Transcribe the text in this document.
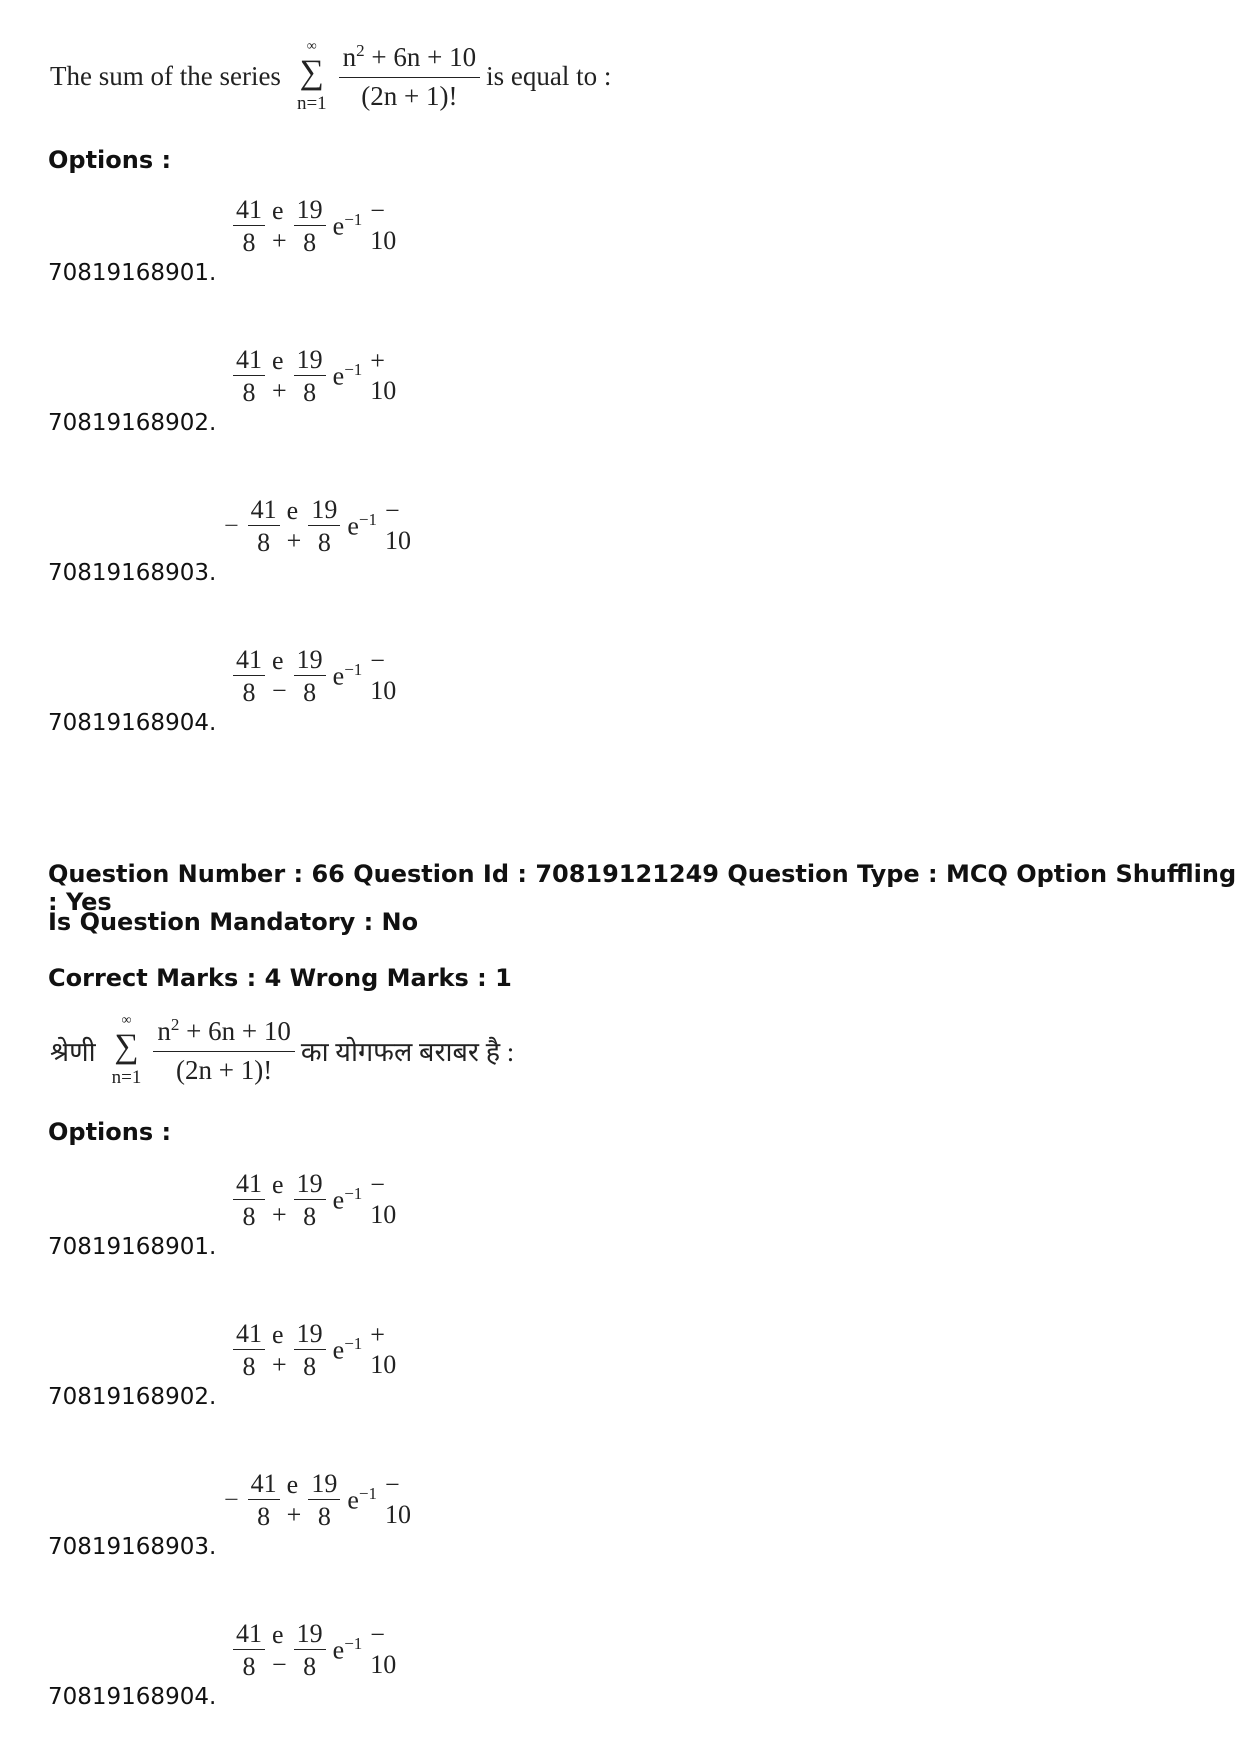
The sum of the series
∞
∑
$n=1 \frac{n^2 + 6n + 10}{(2n + 1)!}$ is equal to :
Options :
70819168901.
$\frac{41}{8}$ $e + \frac{19}{8} e^{-1} - 10$
70819168902.
$\frac{41}{8}$ $e + \frac{19}{8} e^{-1} + 10$
70819168903.
− $\frac{41}{8}$ $e + \frac{19}{8} e^{-1} - 10$
70819168904.
$\frac{41}{8}$ $e - \frac{19}{8} e^{-1} - 10$
Question Number : 66 Question Id : 70819121249 Question Type : MCQ Option Shuffling : Yes
Is Question Mandatory : No
Correct Marks : 4 Wrong Marks : 1
श्रेणी
∞
∑
$n=1 \frac{n^2 + 6n + 10}{(2n + 1)!}$ का योगफल बराबर है :
Options :
70819168901.
$\frac{41}{8}$ $e + \frac{19}{8} e^{-1} - 10$
70819168902.
$\frac{41}{8}$ $e + \frac{19}{8} e^{-1} + 10$
70819168903.
− $\frac{41}{8}$ $e + \frac{19}{8} e^{-1} - 10$
70819168904.
$\frac{41}{8}$ $e - \frac{19}{8} e^{-1} - 10$
